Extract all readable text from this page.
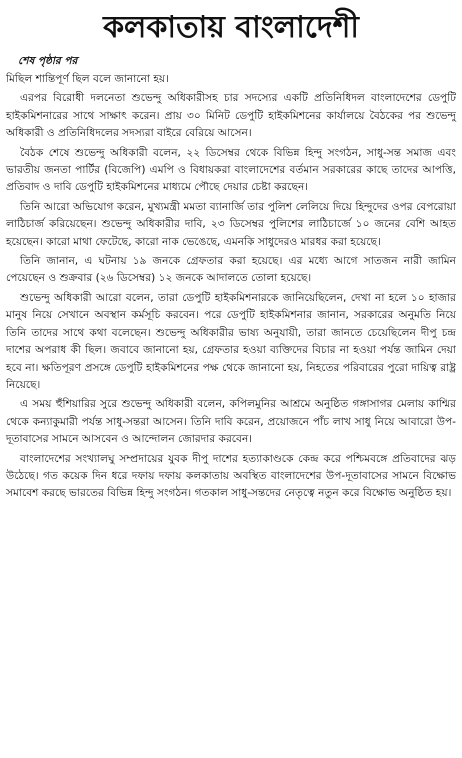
কলকাতায় বাংলাদেশী
শেষ পৃষ্ঠার পর

মিছিল শান্তিপূর্ণ ছিল বলে জানানো হয়।

এরপর বিরোধী দলনেতা শুভেন্দু অধিকারীসহ চার সদস্যের একটি প্রতিনিধিদল বাংলাদেশের ডেপুটি হাইকমিশনারের সাথে সাক্ষাৎ করেন। প্রায় ৩০ মিনিট ডেপুটি হাইকমিশনের কার্যালয়ে বৈঠকের পর শুভেন্দু অধিকারী ও প্রতিনিধিদলের সদস্যরা বাইরে বেরিয়ে আসেন।

বৈঠক শেষে শুভেন্দু অধিকারী বলেন, ২২ ডিসেম্বর থেকে বিভিন্ন হিন্দু সংগঠন, সাধু-সন্ত সমাজ এবং ভারতীয় জনতা পার্টির (বিজেপি) এমপি ও বিধায়করা বাংলাদেশের বর্তমান সরকারের কাছে তাদের আপত্তি, প্রতিবাদ ও দাবি ডেপুটি হাইকমিশনের মাধ্যমে পৌছে দেয়ার চেষ্টা করছেন।

তিনি আরো অভিযোগ করেন, মুখ্যমন্ত্রী মমতা ব্যানার্জি তার পুলিশ লেলিয়ে দিয়ে হিন্দুদের ওপর বেপরোয়া লাঠিচার্জ করিয়েছেন। শুভেন্দু অধিকারীর দাবি, ২৩ ডিসেম্বর পুলিশের লাঠিচার্জে ১০ জনের বেশি আহত হয়েছেন। কারো মাথা ফেটেছে, কারো নাক ভেঙেছে, এমনকি সাধুদেরও মারধর করা হয়েছে।

তিনি জানান, এ ঘটনায় ১৯ জনকে গ্রেফতার করা হয়েছে। এর মধ্যে আগে সাতজন নারী জামিন পেয়েছেন ও শুক্রবার (২৬ ডিসেম্বর) ১২ জনকে আদালতে তোলা হয়েছে।

শুভেন্দু অধিকারী আরো বলেন, তারা ডেপুটি হাইকমিশনারকে জানিয়েছিলেন, দেখা না হলে ১০ হাজার মানুষ নিয়ে সেখানে অবস্থান কর্মসূচি করবেন। পরে ডেপুটি হাইকমিশনার জানান, সরকারের অনুমতি নিয়ে তিনি তাদের সাথে কথা বলেছেন। শুভেন্দু অধিকারীর ভাষ্য অনুযায়ী, তারা জানতে চেয়েছিলেন দীপু চন্দ্র দাশের অপরাধ কী ছিল। জবাবে জানানো হয়, গ্রেফতার হওয়া ব্যক্তিদের বিচার না হওয়া পর্যন্ত জামিন দেয়া হবে না। ক্ষতিপূরণ প্রসঙ্গে ডেপুটি হাইকমিশনের পক্ষ থেকে জানানো হয়, নিহতের পরিবারের পুরো দায়িত্ব রাষ্ট্র নিয়েছে।

এ সময় হুঁশিয়ারির সুরে শুভেন্দু অধিকারী বলেন, কপিলমুনির আশ্রমে অনুষ্ঠিত গঙ্গাসাগর মেলায় কাশ্মির থেকে কন্যাকুমারী পর্যন্ত সাধু-সন্তরা আসেন। তিনি দাবি করেন, প্রয়োজনে পাঁচ লাখ সাধু নিয়ে আবারো উপ-দূতাবাসের সামনে আসবেন ও আন্দোলন জোরদার করবেন।

বাংলাদেশের সংখ্যালঘু সম্প্রদায়ের যুবক দীপু দাশের হত্যাকাণ্ডকে কেন্দ্র করে পশ্চিমবঙ্গে প্রতিবাদের ঝড় উঠেছে। গত কয়েক দিন ধরে দফায় দফায় কলকাতায় অবস্থিত বাংলাদেশের উপ-দূতাবাসের সামনে বিক্ষোভ সমাবেশ করছে ভারতের বিভিন্ন হিন্দু সংগঠন। গতকাল সাধু-সন্তদের নেতৃত্বে নতুন করে বিক্ষোভ অনুষ্ঠিত হয়।
